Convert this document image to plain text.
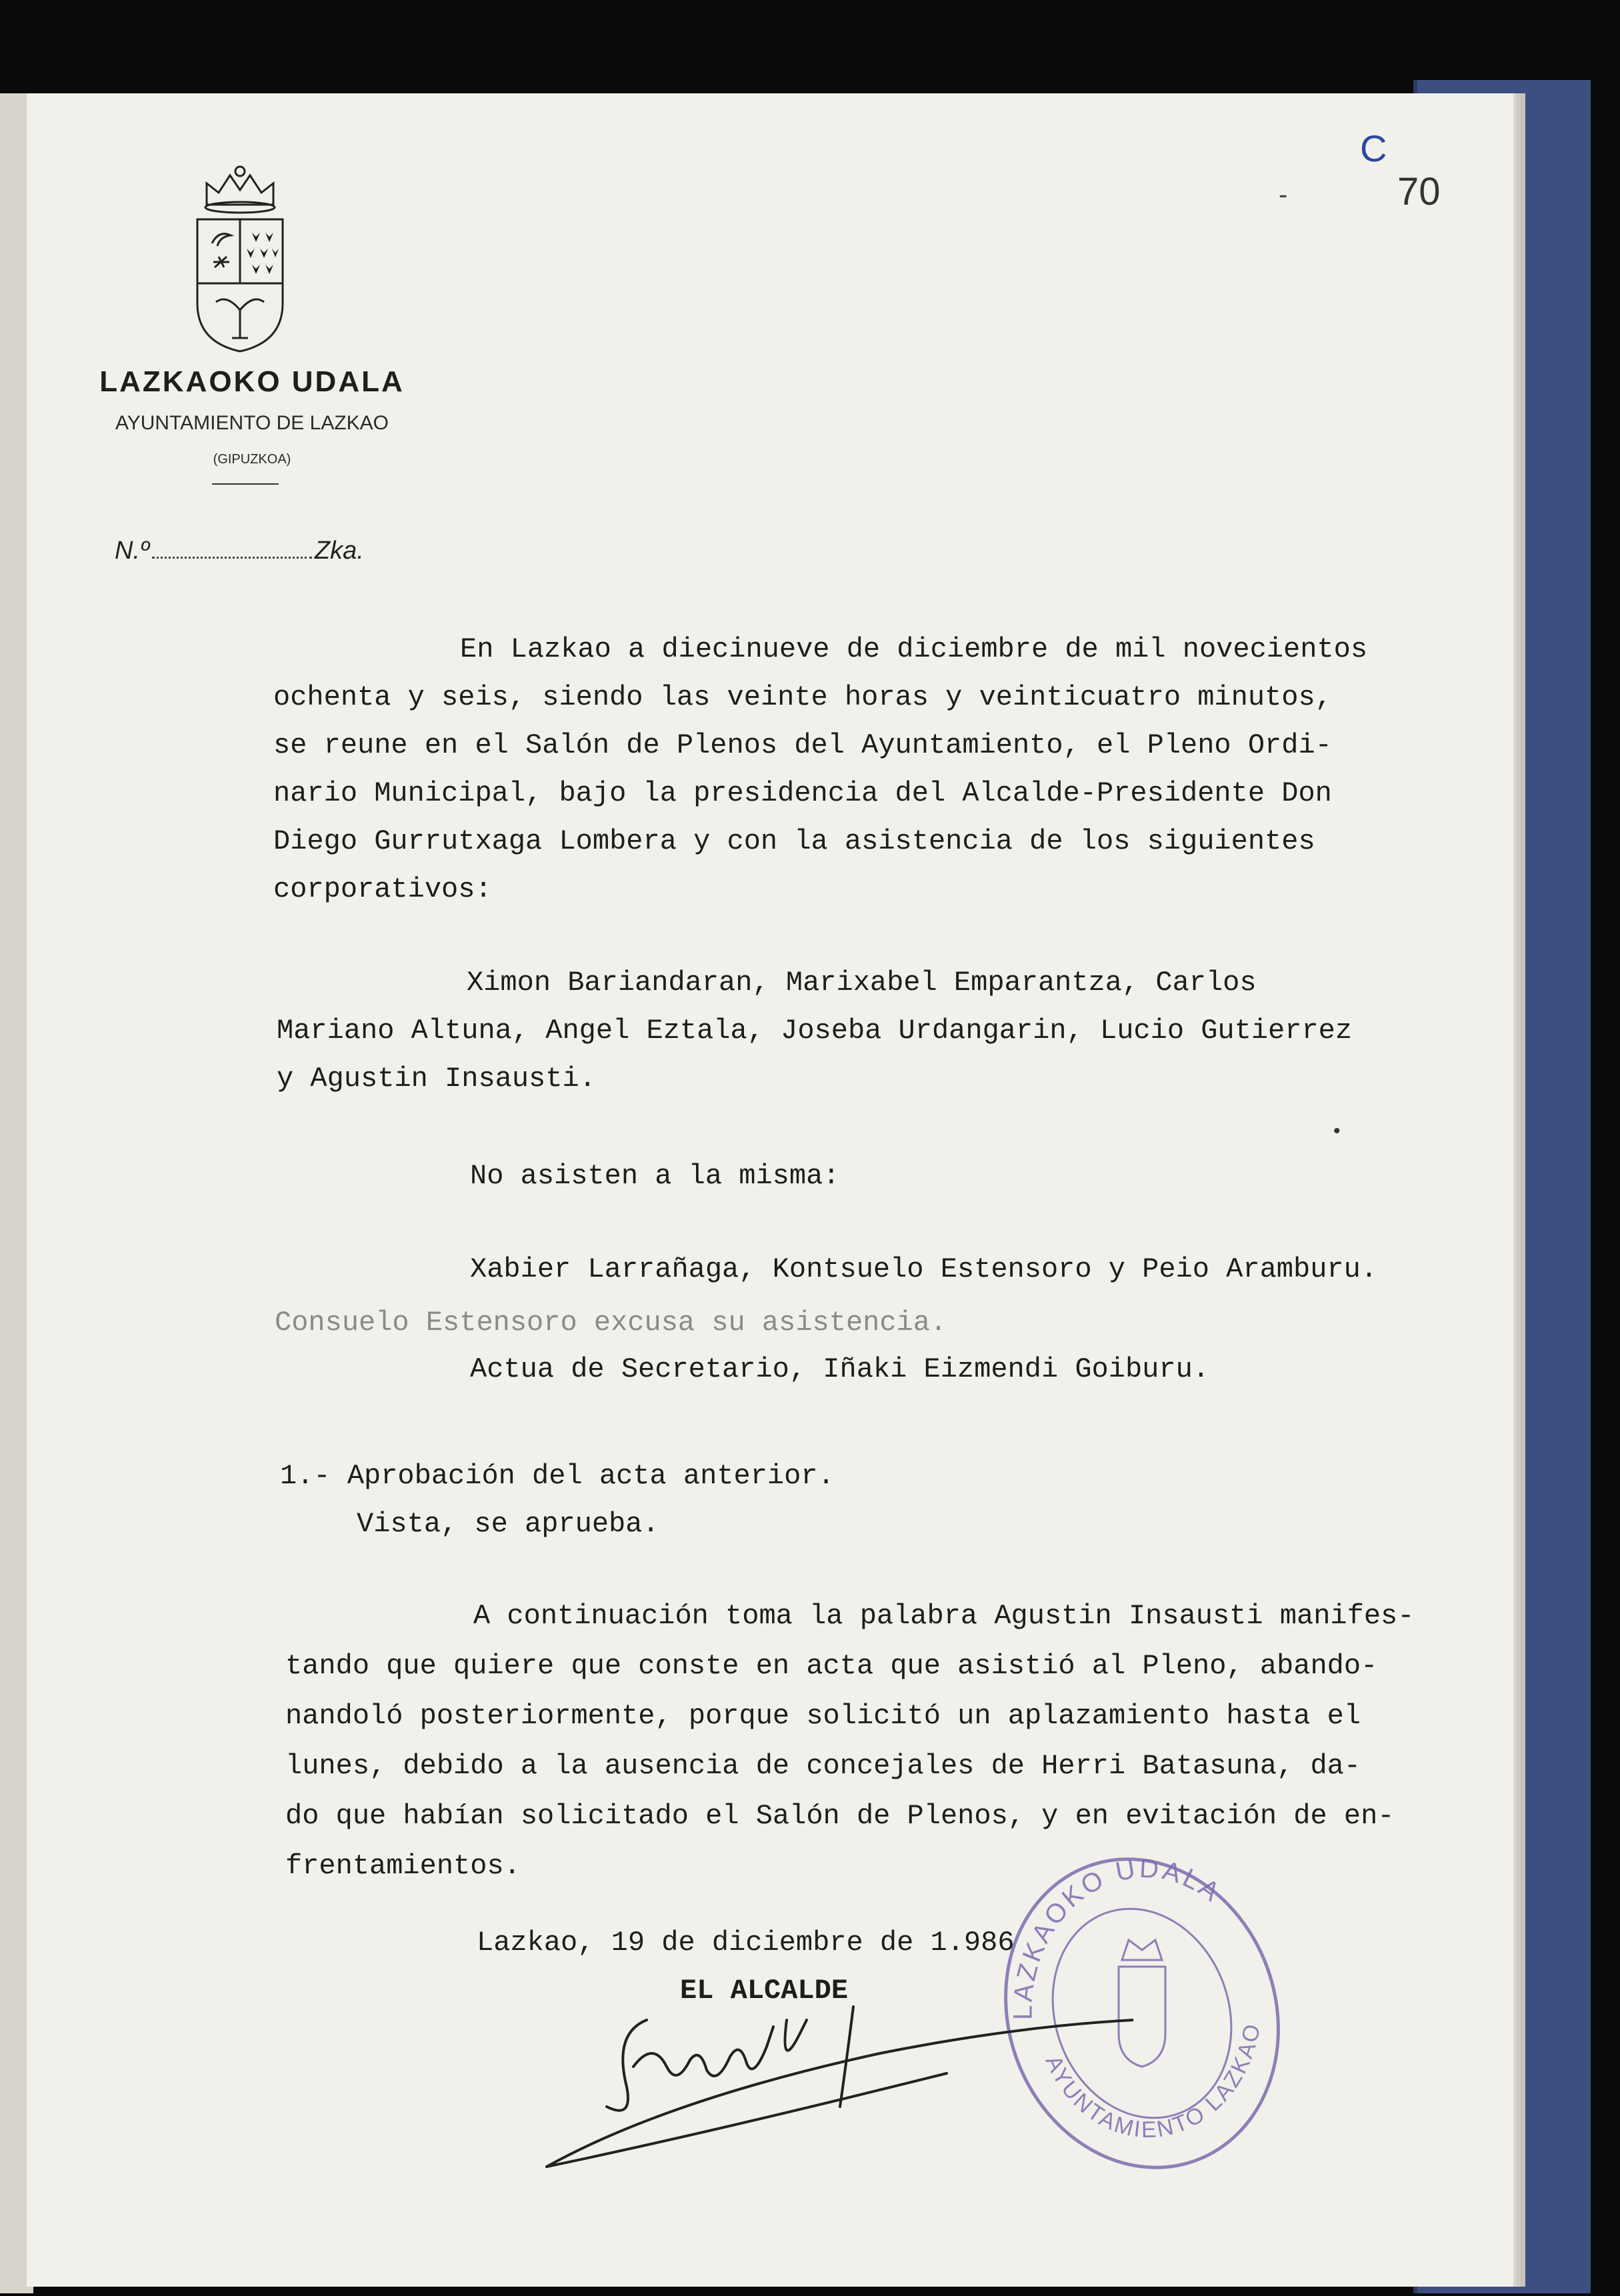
LAZKAOKO UDALA
AYUNTAMIENTO DE LAZKAO
(GIPUZKOA)
N.º	Zka.
-
C
70
En Lazkao a diecinueve de diciembre de mil novecientos
ochenta y seis, siendo las veinte horas y veinticuatro minutos,
se reune en el Salón de Plenos del Ayuntamiento, el Pleno Ordi-
nario Municipal, bajo la presidencia del Alcalde-Presidente Don
Diego Gurrutxaga Lombera y con la asistencia de los siguientes
corporativos:
Ximon Bariandaran, Marixabel Emparantza, Carlos
Mariano Altuna, Angel Eztala, Joseba Urdangarin, Lucio Gutierrez
y Agustin Insausti.
No asisten a la misma:
Xabier Larrañaga, Kontsuelo Estensoro y Peio Aramburu.
Consuelo Estensoro excusa su asistencia.
Actua de Secretario, Iñaki Eizmendi Goiburu.
1.- Aprobación del acta anterior.
Vista, se aprueba.
A continuación toma la palabra Agustin Insausti manifes-
tando que quiere que conste en acta que asistió al Pleno, abando-
nandoló posteriormente, porque solicitó un aplazamiento hasta el
lunes, debido a la ausencia de concejales de Herri Batasuna, da-
do que habían solicitado el Salón de Plenos, y en evitación de en-
frentamientos.
Lazkao, 19 de diciembre de 1.986
EL ALCALDE
LAZKAOKO UDALA
AYUNTAMIENTO LAZKAO
•
